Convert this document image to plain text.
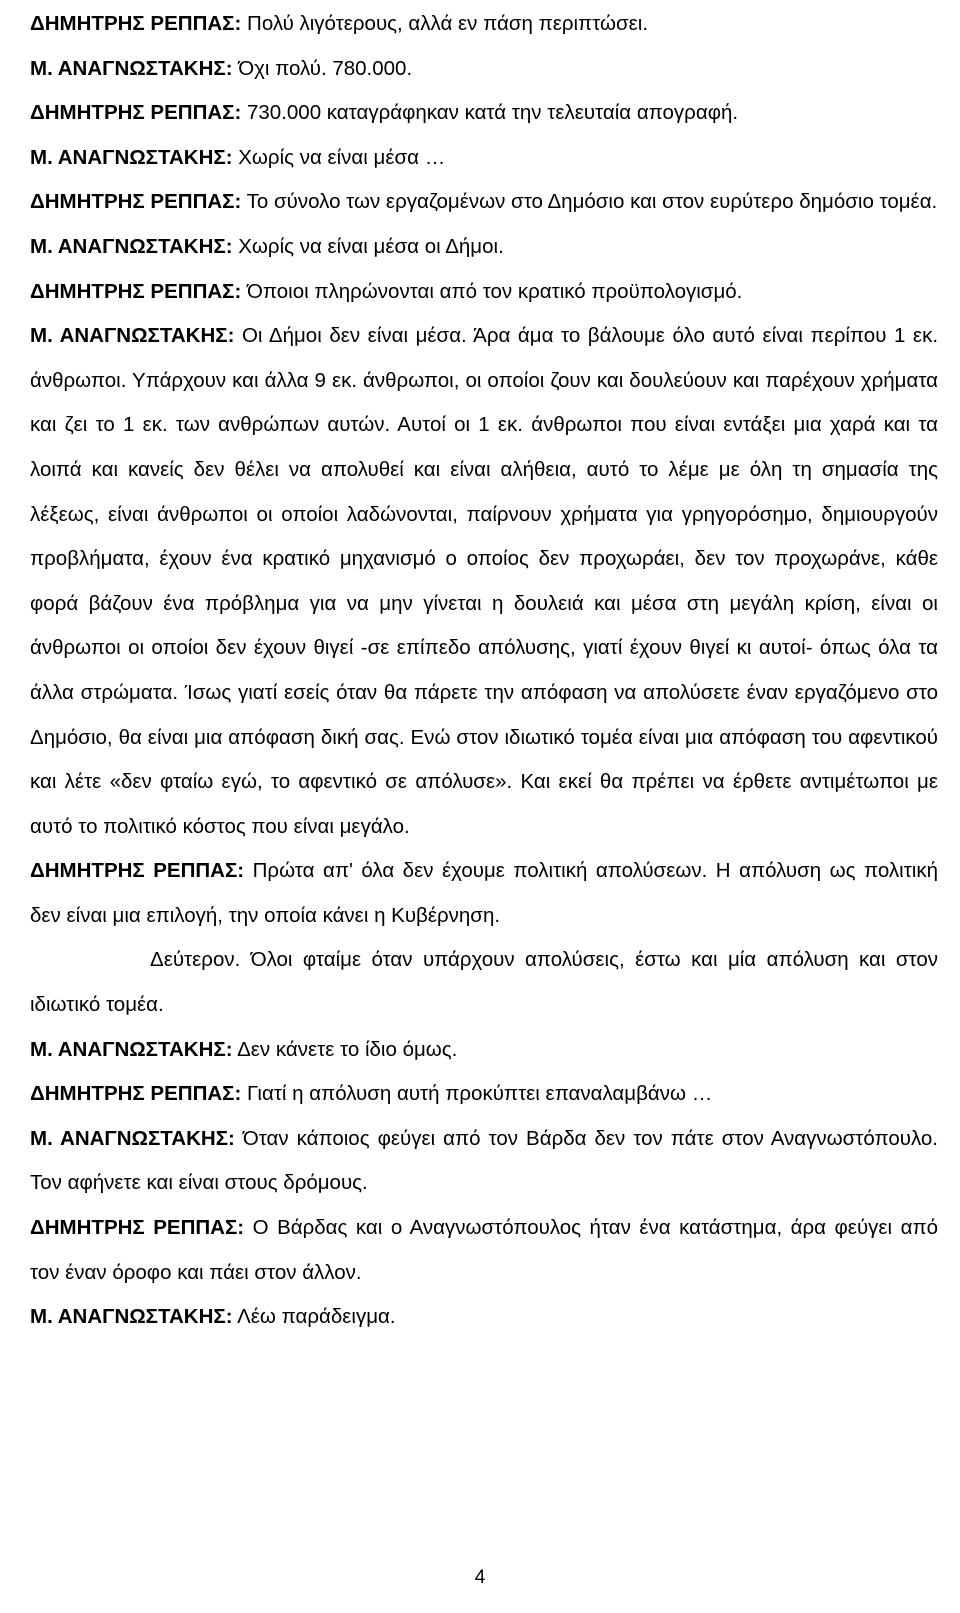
ΔΗΜΗΤΡΗΣ ΡΕΠΠΑΣ: Πολύ λιγότερους, αλλά εν πάση περιπτώσει.

Μ. ΑΝΑΓΝΩΣΤΑΚΗΣ: Όχι πολύ. 780.000.

ΔΗΜΗΤΡΗΣ ΡΕΠΠΑΣ: 730.000 καταγράφηκαν κατά την τελευταία απογραφή.

Μ. ΑΝΑΓΝΩΣΤΑΚΗΣ: Χωρίς να είναι μέσα …

ΔΗΜΗΤΡΗΣ ΡΕΠΠΑΣ: Το σύνολο των εργαζομένων στο Δημόσιο και στον ευρύτερο δημόσιο τομέα.

Μ. ΑΝΑΓΝΩΣΤΑΚΗΣ: Χωρίς να είναι μέσα οι Δήμοι.

ΔΗΜΗΤΡΗΣ ΡΕΠΠΑΣ: Όποιοι πληρώνονται από τον κρατικό προϋπολογισμό.

Μ. ΑΝΑΓΝΩΣΤΑΚΗΣ: Οι Δήμοι δεν είναι μέσα. Άρα άμα το βάλουμε όλο αυτό είναι περίπου 1 εκ. άνθρωποι. Υπάρχουν και άλλα 9 εκ. άνθρωποι, οι οποίοι ζουν και δουλεύουν και παρέχουν χρήματα και ζει το 1 εκ. των ανθρώπων αυτών. Αυτοί οι 1 εκ. άνθρωποι που είναι εντάξει μια χαρά και τα λοιπά και κανείς δεν θέλει να απολυθεί και είναι αλήθεια, αυτό το λέμε με όλη τη σημασία της λέξεως, είναι άνθρωποι οι οποίοι λαδώνονται, παίρνουν χρήματα για γρηγορόσημο, δημιουργούν προβλήματα, έχουν ένα κρατικό μηχανισμό ο οποίος δεν προχωράει, δεν τον προχωράνε, κάθε φορά βάζουν ένα πρόβλημα για να μην γίνεται η δουλειά και μέσα στη μεγάλη κρίση, είναι οι άνθρωποι οι οποίοι δεν έχουν θιγεί -σε επίπεδο απόλυσης, γιατί έχουν θιγεί κι αυτοί- όπως όλα τα άλλα στρώματα. Ίσως γιατί εσείς όταν θα πάρετε την απόφαση να απολύσετε έναν εργαζόμενο στο Δημόσιο, θα είναι μια απόφαση δική σας. Ενώ στον ιδιωτικό τομέα είναι μια απόφαση του αφεντικού και λέτε «δεν φταίω εγώ, το αφεντικό σε απόλυσε». Και εκεί θα πρέπει να έρθετε αντιμέτωποι με αυτό το πολιτικό κόστος που είναι μεγάλο.

ΔΗΜΗΤΡΗΣ ΡΕΠΠΑΣ: Πρώτα απ' όλα δεν έχουμε πολιτική απολύσεων. Η απόλυση ως πολιτική δεν είναι μια επιλογή, την οποία κάνει η Κυβέρνηση.

Δεύτερον. Όλοι φταίμε όταν υπάρχουν απολύσεις, έστω και μία απόλυση και στον ιδιωτικό τομέα.

Μ. ΑΝΑΓΝΩΣΤΑΚΗΣ: Δεν κάνετε το ίδιο όμως.

ΔΗΜΗΤΡΗΣ ΡΕΠΠΑΣ: Γιατί η απόλυση αυτή προκύπτει επαναλαμβάνω …

Μ. ΑΝΑΓΝΩΣΤΑΚΗΣ: Όταν κάποιος φεύγει από τον Βάρδα δεν τον πάτε στον Αναγνωστόπουλο. Τον αφήνετε και είναι στους δρόμους.

ΔΗΜΗΤΡΗΣ ΡΕΠΠΑΣ: Ο Βάρδας και ο Αναγνωστόπουλος ήταν ένα κατάστημα, άρα φεύγει από τον έναν όροφο και πάει στον άλλον.

Μ. ΑΝΑΓΝΩΣΤΑΚΗΣ: Λέω παράδειγμα.

4
